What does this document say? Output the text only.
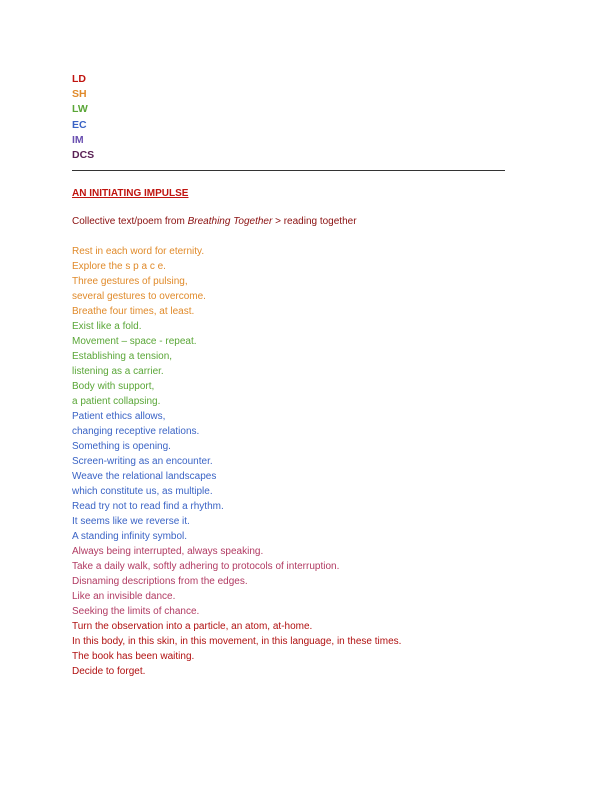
LD
SH
LW
EC
IM
DCS
AN INITIATING IMPULSE
Collective text/poem from Breathing Together > reading together
Rest in each word for eternity.
Explore the s p a c e.
Three gestures of pulsing,
several gestures to overcome.
Breathe four times, at least.
Exist like a fold.
Movement – space - repeat.
Establishing a tension,
listening as a carrier.
Body with support,
a patient collapsing.
Patient ethics allows,
changing receptive relations.
Something is opening.
Screen-writing as an encounter.
Weave the relational landscapes
which constitute us, as multiple.
Read try not to read find a rhythm.
It seems like we reverse it.
A standing infinity symbol.
Always being interrupted, always speaking.
Take a daily walk, softly adhering to protocols of interruption.
Disnaming descriptions from the edges.
Like an invisible dance.
Seeking the limits of chance.
Turn the observation into a particle, an atom, at-home.
In this body, in this skin, in this movement, in this language, in these times.
The book has been waiting.
Decide to forget.
